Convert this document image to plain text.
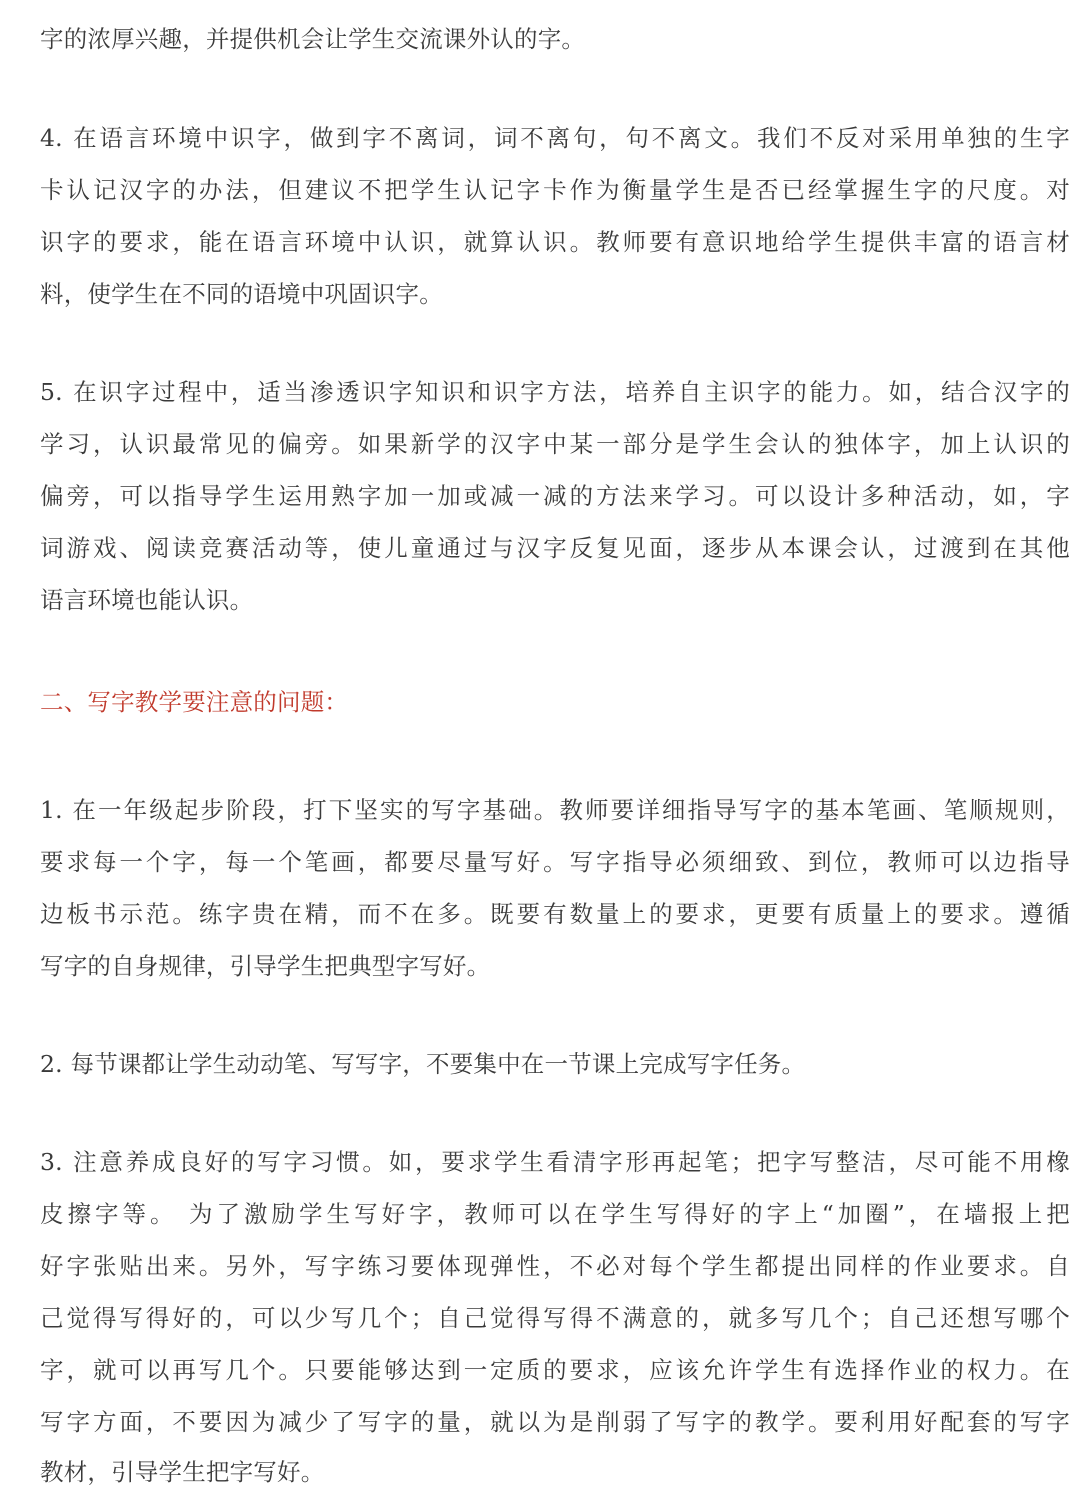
字的浓厚兴趣，并提供机会让学生交流课外认的字。
4. 在语言环境中识字，做到字不离词，词不离句，句不离文。我们不反对采用单独的生字
卡认记汉字的办法，但建议不把学生认记字卡作为衡量学生是否已经掌握生字的尺度。对
识字的要求，能在语言环境中认识，就算认识。教师要有意识地给学生提供丰富的语言材
料，使学生在不同的语境中巩固识字。
5. 在识字过程中，适当渗透识字知识和识字方法，培养自主识字的能力。如，结合汉字的
学习，认识最常见的偏旁。如果新学的汉字中某一部分是学生会认的独体字，加上认识的
偏旁，可以指导学生运用熟字加一加或减一减的方法来学习。可以设计多种活动，如，字
词游戏、阅读竞赛活动等，使儿童通过与汉字反复见面，逐步从本课会认，过渡到在其他
语言环境也能认识。
二、写字教学要注意的问题：
1. 在一年级起步阶段，打下坚实的写字基础。教师要详细指导写字的基本笔画、笔顺规则，
要求每一个字，每一个笔画，都要尽量写好。写字指导必须细致、到位，教师可以边指导
边板书示范。练字贵在精，而不在多。既要有数量上的要求，更要有质量上的要求。遵循
写字的自身规律，引导学生把典型字写好。
2. 每节课都让学生动动笔、写写字，不要集中在一节课上完成写字任务。
3. 注意养成良好的写字习惯。如，要求学生看清字形再起笔；把字写整洁，尽可能不用橡
皮擦字等。 为了激励学生写好字，教师可以在学生写得好的字上“加圈”，在墙报上把
好字张贴出来。另外，写字练习要体现弹性，不必对每个学生都提出同样的作业要求。自
己觉得写得好的，可以少写几个；自己觉得写得不满意的，就多写几个；自己还想写哪个
字，就可以再写几个。只要能够达到一定质的要求，应该允许学生有选择作业的权力。在
写字方面，不要因为减少了写字的量，就以为是削弱了写字的教学。要利用好配套的写字
教材，引导学生把字写好。
